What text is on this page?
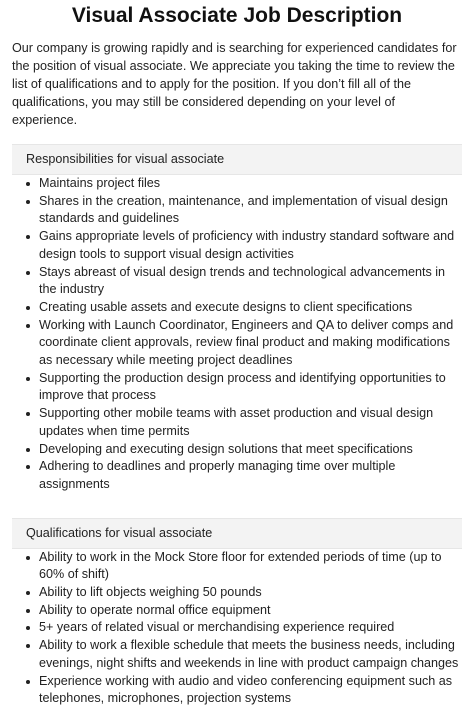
Visual Associate Job Description

Our company is growing rapidly and is searching for experienced candidates for the position of visual associate. We appreciate you taking the time to review the list of qualifications and to apply for the position. If you don’t fill all of the qualifications, you may still be considered depending on your level of experience.

Responsibilities for visual associate
Maintains project files
Shares in the creation, maintenance, and implementation of visual design standards and guidelines
Gains appropriate levels of proficiency with industry standard software and design tools to support visual design activities
Stays abreast of visual design trends and technological advancements in the industry
Creating usable assets and execute designs to client specifications
Working with Launch Coordinator, Engineers and QA to deliver comps and coordinate client approvals, review final product and making modifications as necessary while meeting project deadlines
Supporting the production design process and identifying opportunities to improve that process
Supporting other mobile teams with asset production and visual design updates when time permits
Developing and executing design solutions that meet specifications
Adhering to deadlines and properly managing time over multiple assignments
Qualifications for visual associate
Ability to work in the Mock Store floor for extended periods of time (up to 60% of shift)
Ability to lift objects weighing 50 pounds
Ability to operate normal office equipment
5+ years of related visual or merchandising experience required
Ability to work a flexible schedule that meets the business needs, including evenings, night shifts and weekends in line with product campaign changes
Experience working with audio and video conferencing equipment such as telephones, microphones, projection systems
